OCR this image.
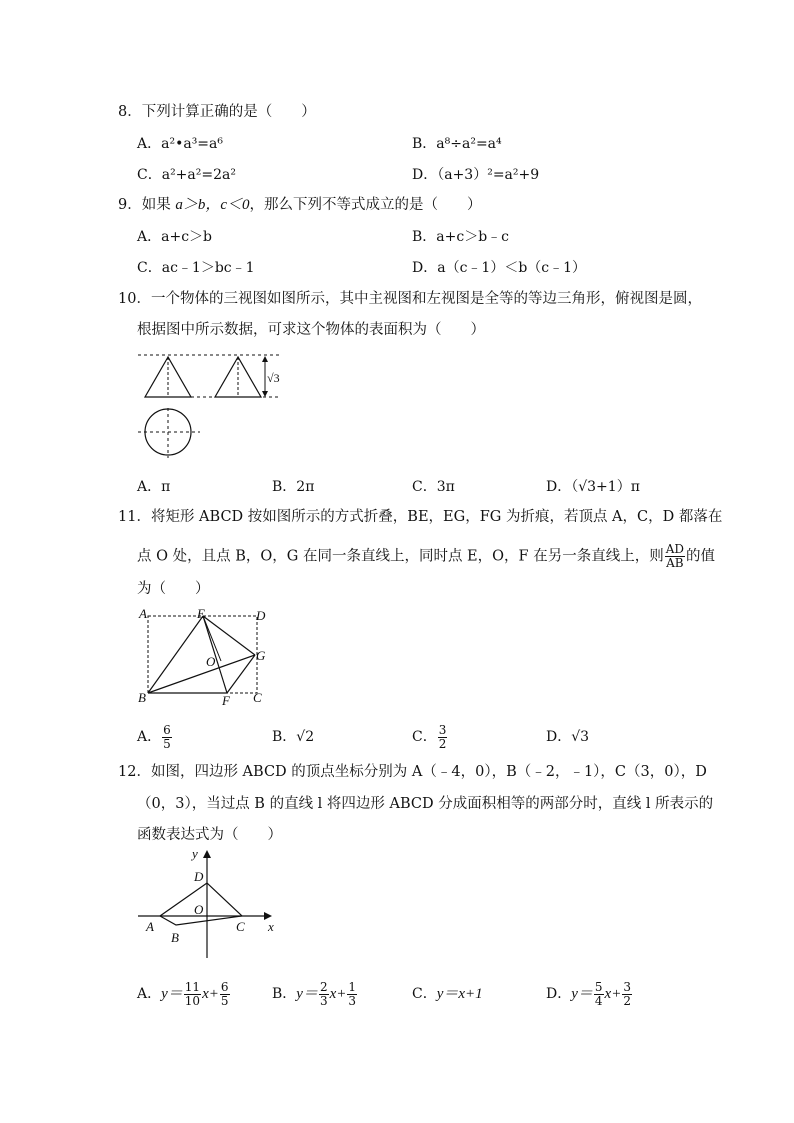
8．下列计算正确的是（　　）
A．a²•a³=a⁶	B．a⁸÷a²=a⁴
C．a²+a²=2a²	D．（a+3）²=a²+9
9．如果 a＞b，c＜0，那么下列不等式成立的是（　　）
A．a+c＞b	B．a+c＞b﹣c
C．ac﹣1＞bc﹣1	D．a（c﹣1）＜b（c﹣1）
10．一个物体的三视图如图所示，其中主视图和左视图是全等的等边三角形，俯视图是圆，
根据图中所示数据，可求这个物体的表面积为（　　）
√3
A．π	B．2π	C．3π	D．（√3+1）π
11．将矩形 ABCD 按如图所示的方式折叠，BE，EG，FG 为折痕，若顶点 A，C，D 都落在
点 O 处，且点 B，O，G 在同一条直线上，同时点 E，O，F 在另一条直线上，则 $\frac{AD}{AB}$ 的值
为（　　）
A	E	D
O	G
B	F C
A． $\frac{6}{5}$	B．√2	C． $\frac{3}{2}$	D．√3
12．如图，四边形 ABCD 的顶点坐标分别为 A（﹣4，0），B（﹣2，﹣1），C（3，0），D
（0，3），当过点 B 的直线 l 将四边形 ABCD 分成面积相等的两部分时，直线 l 所表示的
函数表达式为（　　）
y
x
D
O
A
B
C
A．$y= \frac{11}{10} x+ \frac{6}{5}$	B．$y= \frac{2}{3} x+ \frac{1}{3}$	C．y＝x+1	D．$y= \frac{5}{4} x+ \frac{3}{2}$
